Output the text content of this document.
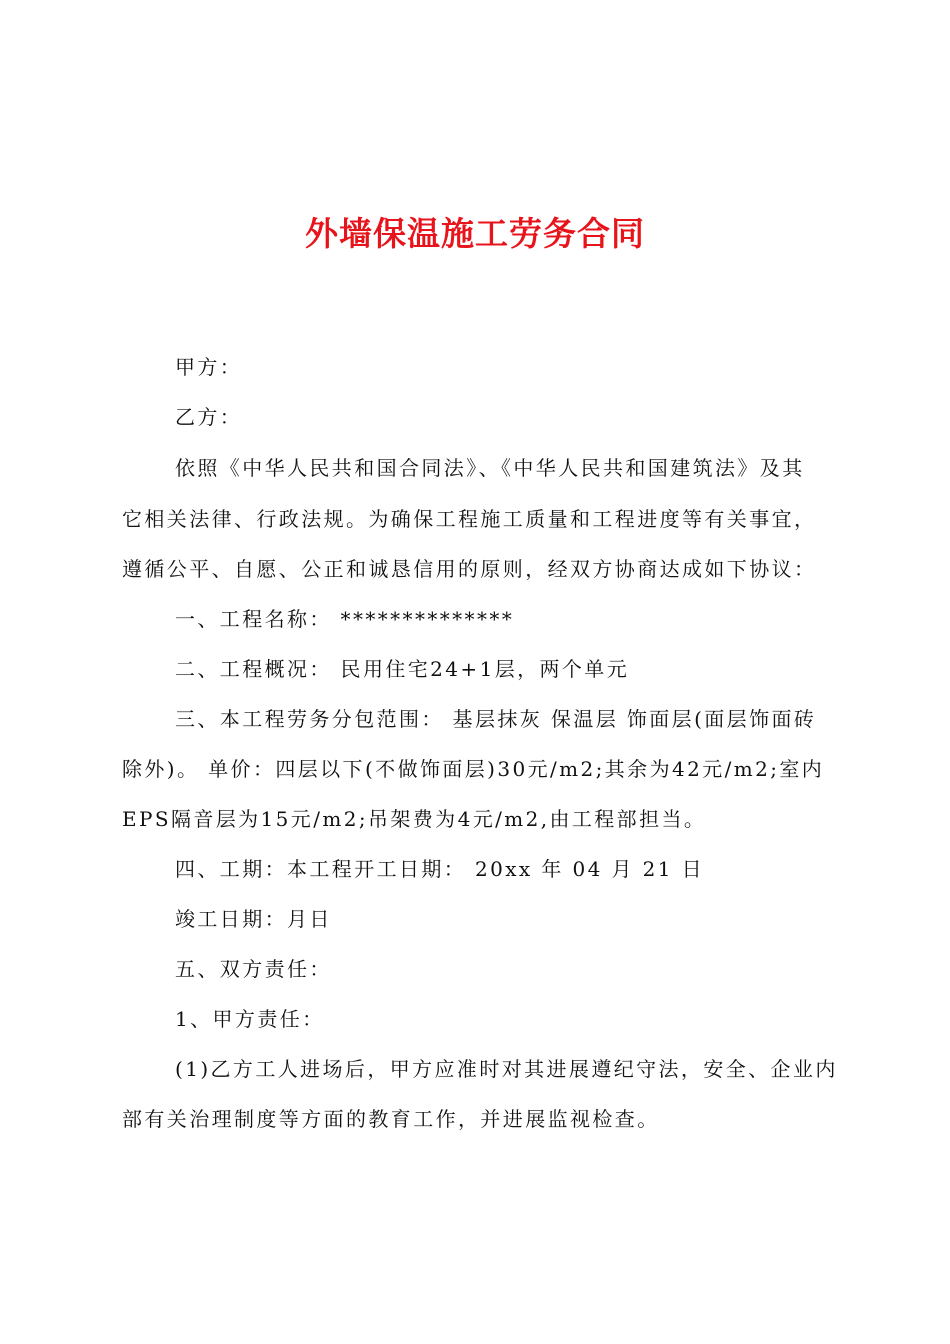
外墙保温施工劳务合同
甲方：
乙方：
依照《中华人民共和国合同法》、《中华人民共和国建筑法》及其
它相关法律、行政法规。为确保工程施工质量和工程进度等有关事宜，
遵循公平、自愿、公正和诚恳信用的原则，经双方协商达成如下协议：
一、工程名称： **************
二、工程概况： 民用住宅24+1层，两个单元
三、本工程劳务分包范围： 基层抹灰 保温层 饰面层(面层饰面砖
除外)。 单价：四层以下(不做饰面层)30元/m2;其余为42元/m2;室内
EPS隔音层为15元/m2;吊架费为4元/m2,由工程部担当。
四、工期：本工程开工日期： 20xx 年 04 月 21 日
竣工日期：月日
五、双方责任：
1、甲方责任：
(1)乙方工人进场后，甲方应准时对其进展遵纪守法，安全、企业内
部有关治理制度等方面的教育工作，并进展监视检查。
